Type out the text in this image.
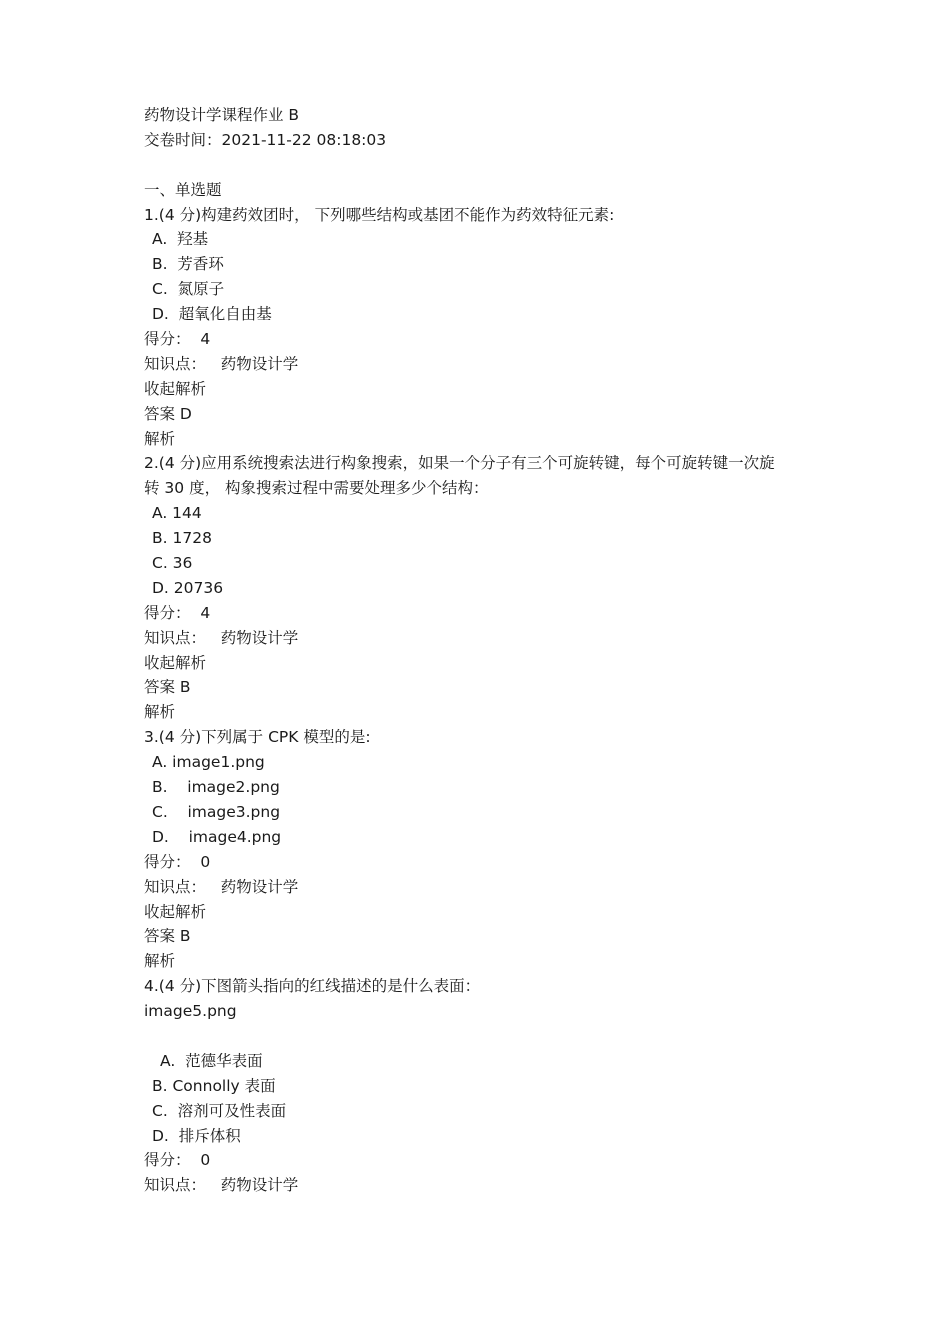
药物设计学课程作业 B
交卷时间：2021-11-22 08:18:03
一、单选题
1.(4 分)构建药效团时， 下列哪些结构或基团不能作为药效特征元素:
A.  羟基
B.  芳香环
C.  氮原子
D.  超氧化自由基
得分：  4
知识点：   药物设计学
收起解析
答案 D
解析
2.(4 分)应用系统搜索法进行构象搜索，如果一个分子有三个可旋转键，每个可旋转键一次旋
转 30 度， 构象搜索过程中需要处理多少个结构：
A. 144
B. 1728
C. 36
D. 20736
得分：  4
知识点：   药物设计学
收起解析
答案 B
解析
3.(4 分)下列属于 CPK 模型的是:
A. image1.png
B.    image2.png
C.    image3.png
D.    image4.png
得分：  0
知识点：   药物设计学
收起解析
答案 B
解析
4.(4 分)下图箭头指向的红线描述的是什么表面：
image5.png
A.  范德华表面
B. Connolly 表面
C.  溶剂可及性表面
D.  排斥体积
得分：  0
知识点：   药物设计学
